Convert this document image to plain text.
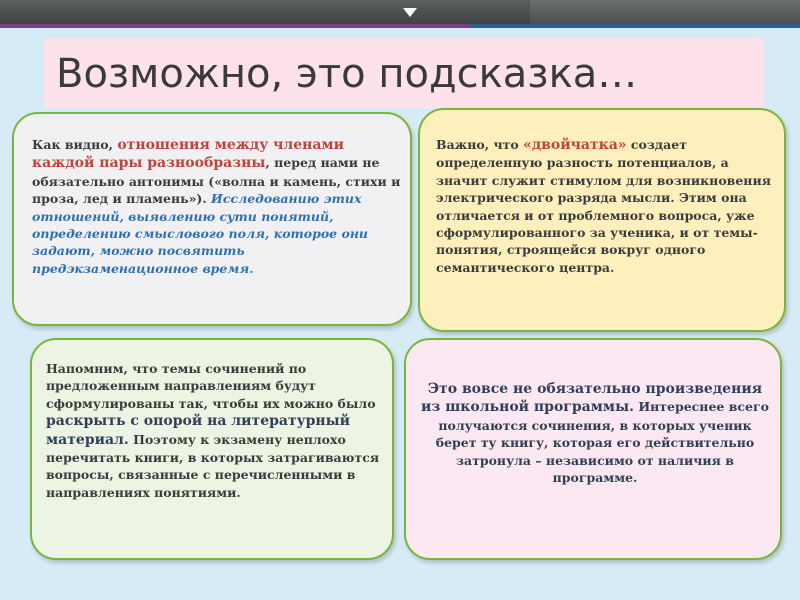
Возможно, это подсказка…
Как видно, отношения между членами каждой пары разнообразны, перед нами не обязательно антонимы («волна и камень, стихи и проза, лед и пламень»). Исследованию этих отношений, выявлению сути понятий, определению смыслового поля, которое они задают, можно посвятить предэкзаменационное время.
Важно, что «двойчатка» создает определенную разность потенциалов, а значит служит стимулом для возникновения электрического разряда мысли. Этим она отличается и от проблемного вопроса, уже сформулированного за ученика, и от темы-понятия, строящейся вокруг одного семантического центра.
Напомним, что темы сочинений по предложенным направлениям будут сформулированы так, чтобы их можно было раскрыть с опорой на литературный материал. Поэтому к экзамену неплохо перечитать книги, в которых затрагиваются вопросы, связанные с перечисленными в направлениях понятиями.
Это вовсе не обязательно произведения из школьной программы. Интереснее всего получаются сочинения, в которых ученик берет ту книгу, которая его действительно затронула – независимо от наличия в программе.
